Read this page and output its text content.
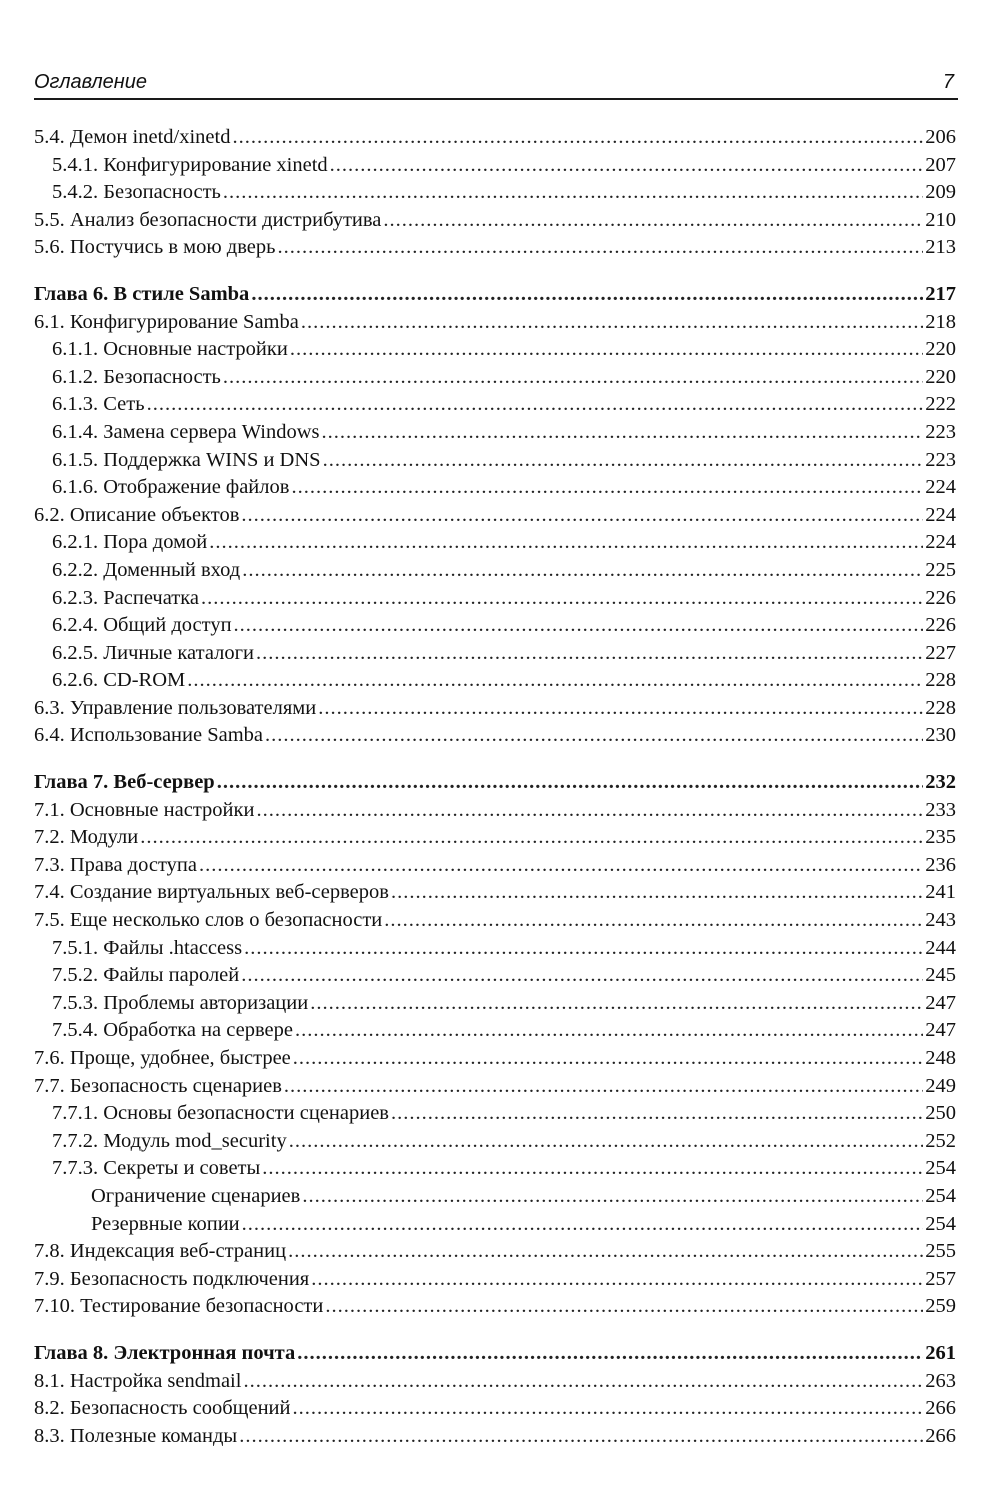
Оглавление	7
5.4. Демон inetd/xinetd .....	206
5.4.1. Конфигурирование xinetd .....	207
5.4.2. Безопасность .....	209
5.5. Анализ безопасности дистрибутива .....	210
5.6. Постучись в мою дверь .....	213
Глава 6. В стиле Samba .....	217
6.1. Конфигурирование Samba .....	218
6.1.1. Основные настройки .....	220
6.1.2. Безопасность .....	220
6.1.3. Сеть .....	222
6.1.4. Замена сервера Windows .....	223
6.1.5. Поддержка WINS и DNS .....	223
6.1.6. Отображение файлов .....	224
6.2. Описание объектов .....	224
6.2.1. Пора домой .....	224
6.2.2. Доменный вход .....	225
6.2.3. Распечатка .....	226
6.2.4. Общий доступ .....	226
6.2.5. Личные каталоги .....	227
6.2.6. CD-ROM .....	228
6.3. Управление пользователями .....	228
6.4. Использование Samba .....	230
Глава 7. Веб-сервер .....	232
7.1. Основные настройки .....	233
7.2. Модули .....	235
7.3. Права доступа .....	236
7.4. Создание виртуальных веб-серверов .....	241
7.5. Еще несколько слов о безопасности .....	243
7.5.1. Файлы .htaccess .....	244
7.5.2. Файлы паролей .....	245
7.5.3. Проблемы авторизации .....	247
7.5.4. Обработка на сервере .....	247
7.6. Проще, удобнее, быстрее .....	248
7.7. Безопасность сценариев .....	249
7.7.1. Основы безопасности сценариев .....	250
7.7.2. Модуль mod_security .....	252
7.7.3. Секреты и советы .....	254
Ограничение сценариев .....	254
Резервные копии .....	254
7.8. Индексация веб-страниц .....	255
7.9. Безопасность подключения .....	257
7.10. Тестирование безопасности .....	259
Глава 8. Электронная почта .....	261
8.1. Настройка sendmail .....	263
8.2. Безопасность сообщений .....	266
8.3. Полезные команды .....	266
